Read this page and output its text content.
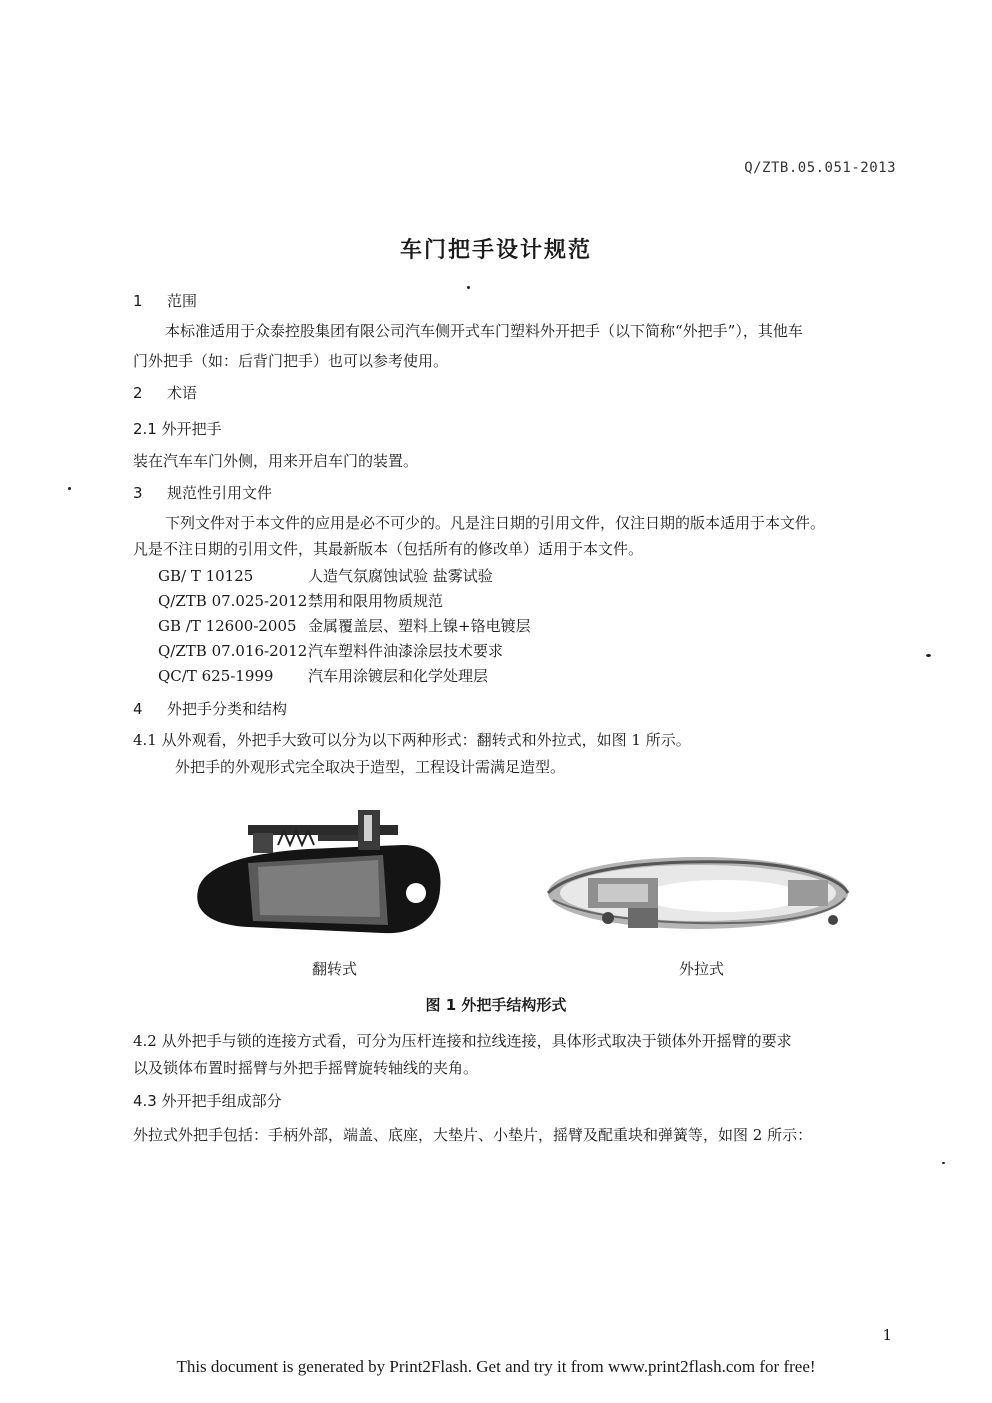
Q/ZTB.05.051-2013
车门把手设计规范
1 范围
本标准适用于众泰控股集团有限公司汽车侧开式车门塑料外开把手（以下简称“外把手”），其他车
门外把手（如：后背门把手）也可以参考使用。
2 术语
2.1 外开把手
装在汽车车门外侧，用来开启车门的装置。
3 规范性引用文件
下列文件对于本文件的应用是必不可少的。凡是注日期的引用文件，仅注日期的版本适用于本文件。
凡是不注日期的引用文件，其最新版本（包括所有的修改单）适用于本文件。
GB/ T 10125	人造气氛腐蚀试验 盐雾试验
Q/ZTB 07.025-2012禁用和限用物质规范
GB /T 12600-2005 金属覆盖层、塑料上镍+铬电镀层
Q/ZTB 07.016-2012汽车塑料件油漆涂层技术要求
QC/T 625-1999 汽车用涂镀层和化学处理层
4 外把手分类和结构
4.1 从外观看，外把手大致可以分为以下两种形式：翻转式和外拉式，如图 1 所示。
外把手的外观形式完全取决于造型，工程设计需满足造型。
翻转式	外拉式
图 1 外把手结构形式
4.2 从外把手与锁的连接方式看，可分为压杆连接和拉线连接，具体形式取决于锁体外开摇臂的要求
以及锁体布置时摇臂与外把手摇臂旋转轴线的夹角。
4.3 外开把手组成部分
外拉式外把手包括：手柄外部，端盖、底座，大垫片、小垫片，摇臂及配重块和弹簧等，如图 2 所示：
1
This document is generated by Print2Flash. Get and try it from www.print2flash.com for free!
